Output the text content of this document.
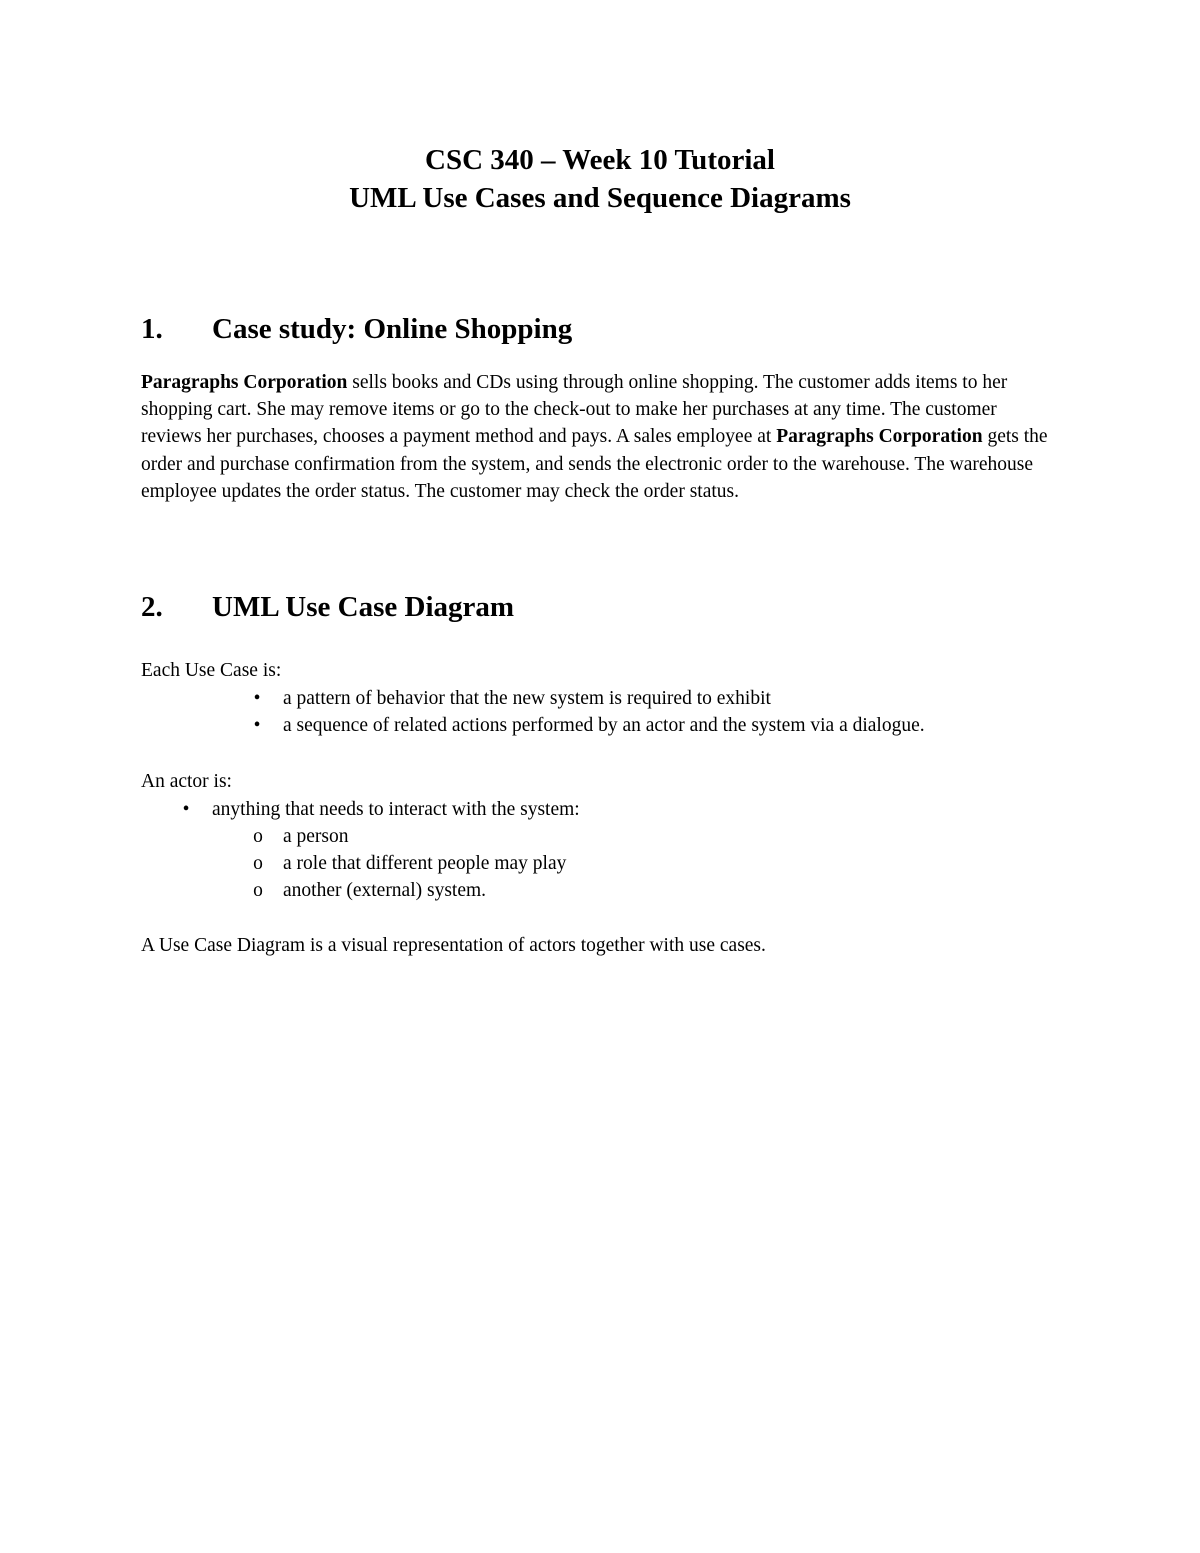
CSC 340 – Week 10 Tutorial
UML Use Cases and Sequence Diagrams
1. Case study: Online Shopping
Paragraphs Corporation sells books and CDs using through online shopping. The customer adds items to her shopping cart. She may remove items or go to the check-out to make her purchases at any time. The customer reviews her purchases, chooses a payment method and pays. A sales employee at Paragraphs Corporation gets the order and purchase confirmation from the system, and sends the electronic order to the warehouse. The warehouse employee updates the order status. The customer may check the order status.
2. UML Use Case Diagram
Each Use Case is:
• a pattern of behavior that the new system is required to exhibit
• a sequence of related actions performed by an actor and the system via a dialogue.
An actor is:
• anything that needs to interact with the system:
o a person
o a role that different people may play
o another (external) system.
A Use Case Diagram is a visual representation of actors together with use cases.
